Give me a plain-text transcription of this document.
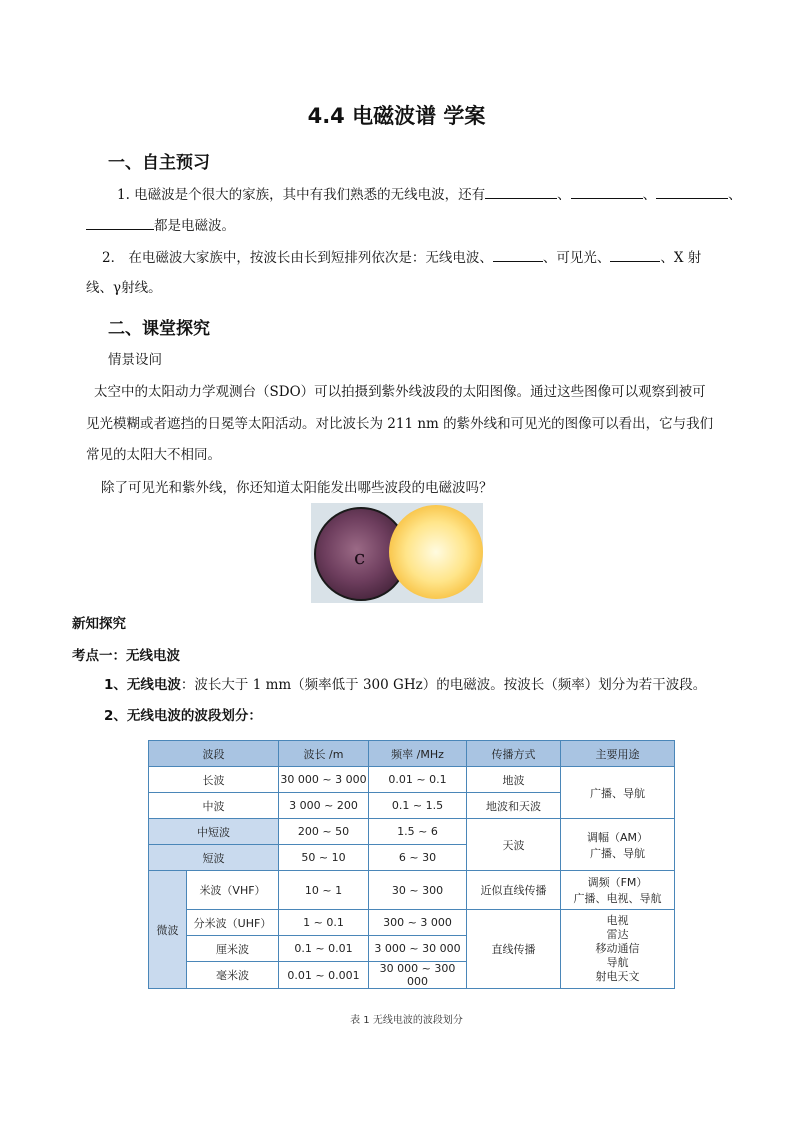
4.4 电磁波谱 学案
一、自主预习
1. 电磁波是个很大的家族，其中有我们熟悉的无线电波，还有	、	、	、
都是电磁波。
2． 在电磁波大家族中，按波长由长到短排列依次是：无线电波、	、可见光、	、X 射
线、γ射线。
二、课堂探究
情景设问
太空中的太阳动力学观测台（SDO）可以拍摄到紫外线波段的太阳图像。通过这些图像可以观察到被可
见光模糊或者遮挡的日冕等太阳活动。对比波长为 211 nm 的紫外线和可见光的图像可以看出，它与我们
常见的太阳大不相同。
除了可见光和紫外线，你还知道太阳能发出哪些波段的电磁波吗？
c
新知探究
考点一：无线电波
1、无线电波：波长大于 1 mm（频率低于 300 GHz）的电磁波。按波长（频率）划分为若干波段。
2、无线电波的波段划分：
波段		波长 /m	频率 /MHz	传播方式	主要用途
长波		30 000 ~ 3 000	0.01 ~ 0.1	地波	广播、导航
中波		3 000 ~ 200	0.1 ~ 1.5	地波和天波	
中短波		200 ~ 50	1.5 ~ 6	天波	调幅（AM）
广播、导航

短波		50 ~ 10	6 ~ 30		
微波	米波（VHF）	10 ~ 1	30 ~ 300	近似直线传播	调频（FM）
广播、电视、导航

	分米波（UHF）	1 ~ 0.1	300 ~ 3 000	直线传播	电视
雷达
移动通信
导航
射电天文

	厘米波	0.1 ~ 0.01	3 000 ~ 30 000		
	毫米波	0.01 ~ 0.001	30 000 ~ 300 000		
表 1 无线电波的波段划分
